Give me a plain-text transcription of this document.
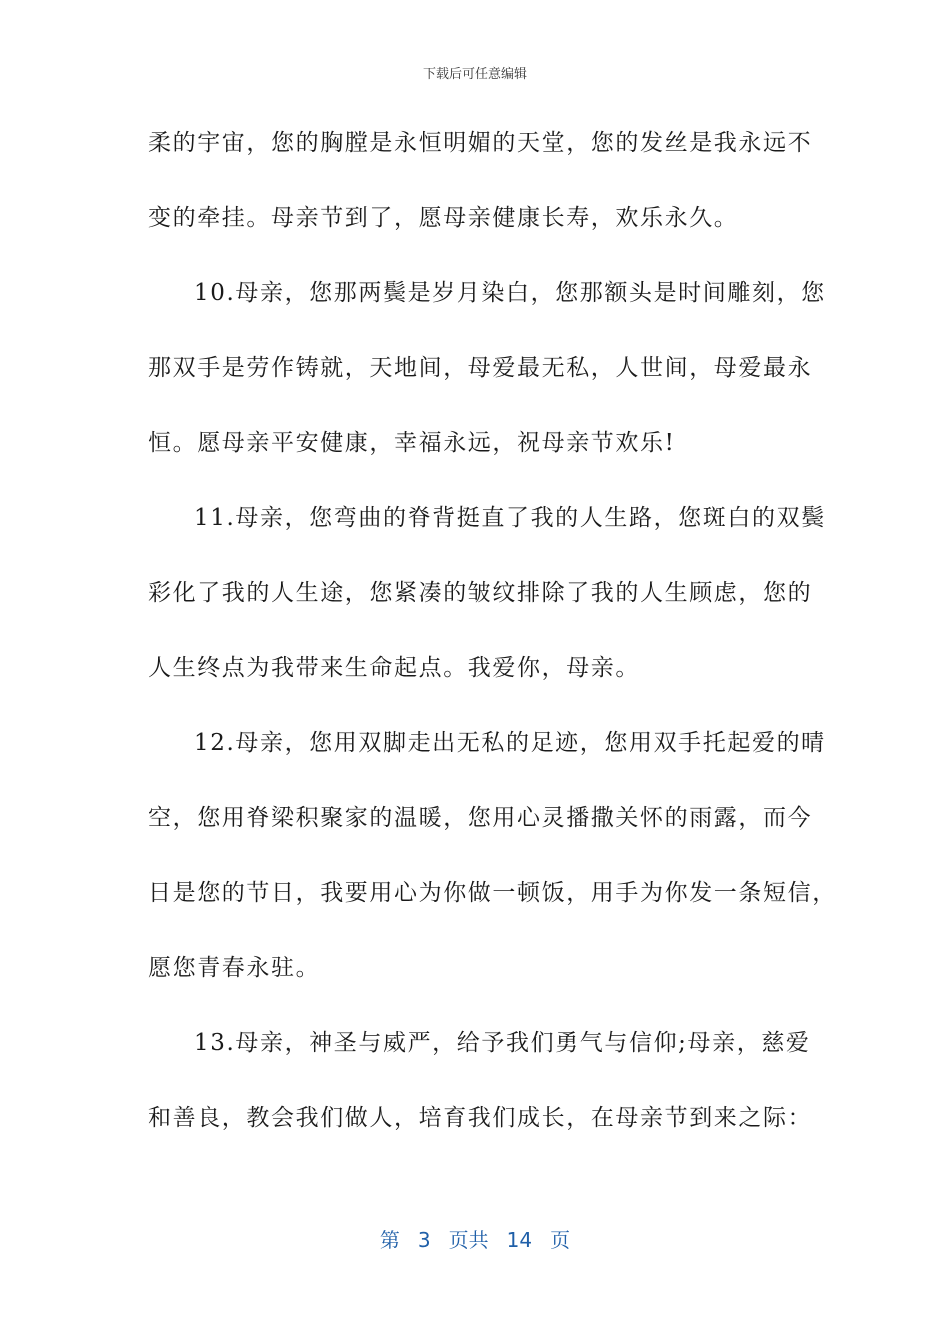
下载后可任意编辑
柔的宇宙，您的胸膛是永恒明媚的天堂，您的发丝是我永远不
变的牵挂。母亲节到了，愿母亲健康长寿，欢乐永久。
10.母亲，您那两鬓是岁月染白，您那额头是时间雕刻，您
那双手是劳作铸就，天地间，母爱最无私，人世间，母爱最永
恒。愿母亲平安健康，幸福永远，祝母亲节欢乐!
11.母亲，您弯曲的脊背挺直了我的人生路，您斑白的双鬓
彩化了我的人生途，您紧凑的皱纹排除了我的人生顾虑，您的
人生终点为我带来生命起点。我爱你，母亲。
12.母亲，您用双脚走出无私的足迹，您用双手托起爱的晴
空，您用脊梁积聚家的温暖，您用心灵播撒关怀的雨露，而今
日是您的节日，我要用心为你做一顿饭，用手为你发一条短信，
愿您青春永驻。
13.母亲，神圣与威严，给予我们勇气与信仰;母亲，慈爱
和善良，教会我们做人，培育我们成长，在母亲节到来之际：
第 3 页共 14 页
